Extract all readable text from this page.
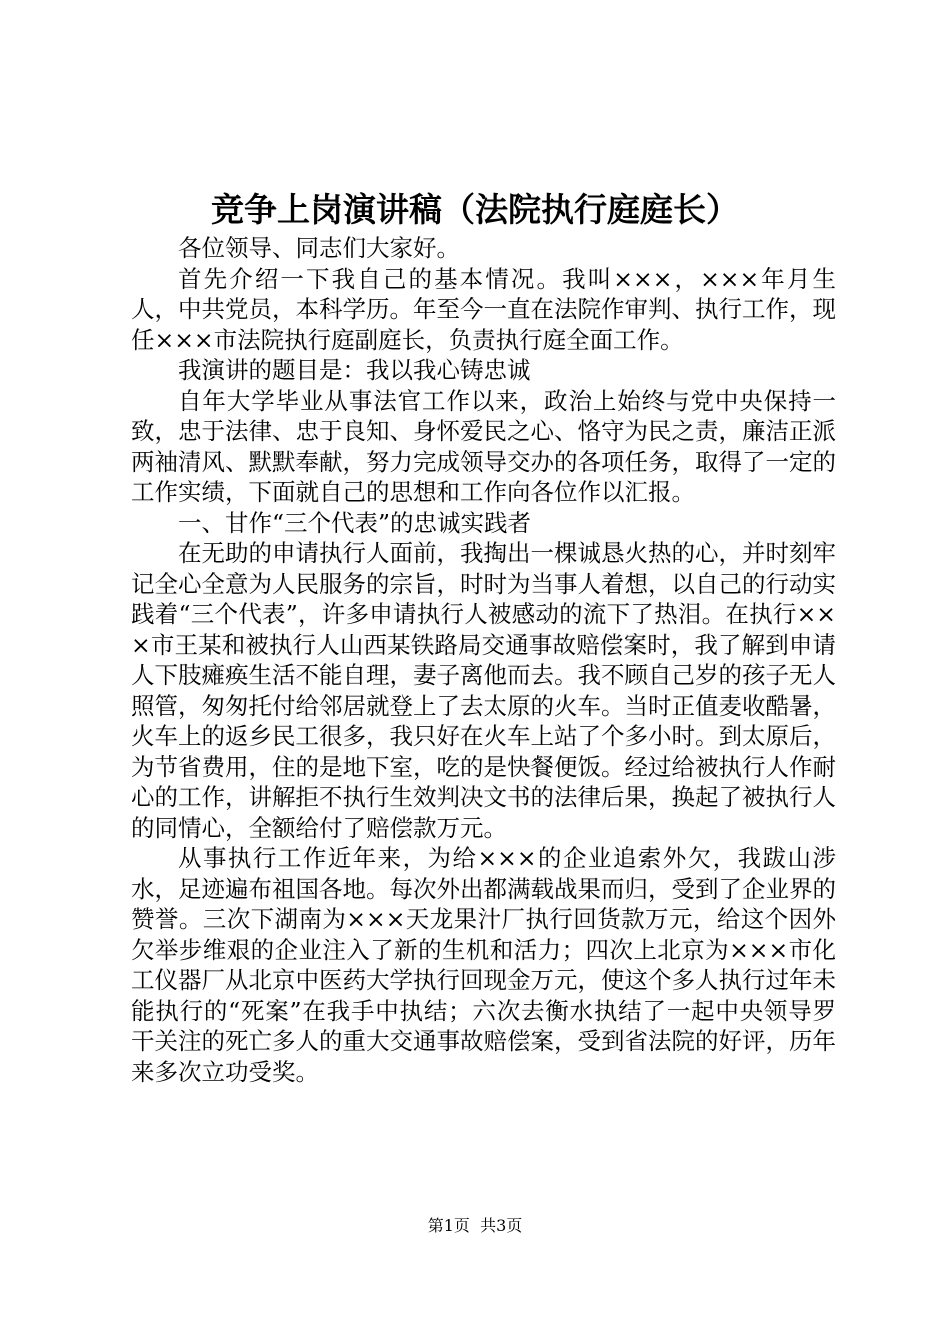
竞争上岗演讲稿（法院执行庭庭长）

各位领导、同志们大家好。

首先介绍一下我自己的基本情况。我叫×××，×××年月生人，中共党员，本科学历。年至今一直在法院作审判、执行工作，现任×××市法院执行庭副庭长，负责执行庭全面工作。

我演讲的题目是：我以我心铸忠诚

自年大学毕业从事法官工作以来，政治上始终与党中央保持一致，忠于法律、忠于良知、身怀爱民之心、恪守为民之责，廉洁正派两袖清风、默默奉献，努力完成领导交办的各项任务，取得了一定的工作实绩，下面就自己的思想和工作向各位作以汇报。

一、甘作“三个代表”的忠诚实践者

在无助的申请执行人面前，我掏出一棵诚恳火热的心，并时刻牢记全心全意为人民服务的宗旨，时时为当事人着想，以自己的行动实践着“三个代表”，许多申请执行人被感动的流下了热泪。在执行×××市王某和被执行人山西某铁路局交通事故赔偿案时，我了解到申请人下肢瘫痪生活不能自理，妻子离他而去。我不顾自己岁的孩子无人照管，匆匆托付给邻居就登上了去太原的火车。当时正值麦收酷暑，火车上的返乡民工很多，我只好在火车上站了个多小时。到太原后，为节省费用，住的是地下室，吃的是快餐便饭。经过给被执行人作耐心的工作，讲解拒不执行生效判决文书的法律后果，换起了被执行人的同情心，全额给付了赔偿款万元。

从事执行工作近年来，为给×××的企业追索外欠，我跋山涉水，足迹遍布祖国各地。每次外出都满载战果而归，受到了企业界的赞誉。三次下湖南为×××天龙果汁厂执行回货款万元，给这个因外欠举步维艰的企业注入了新的生机和活力；四次上北京为×××市化工仪器厂从北京中医药大学执行回现金万元，使这个多人执行过年未能执行的“死案”在我手中执结；六次去衡水执结了一起中央领导罗干关注的死亡多人的重大交通事故赔偿案，受到省法院的好评，历年来多次立功受奖。

第1页  共3页
